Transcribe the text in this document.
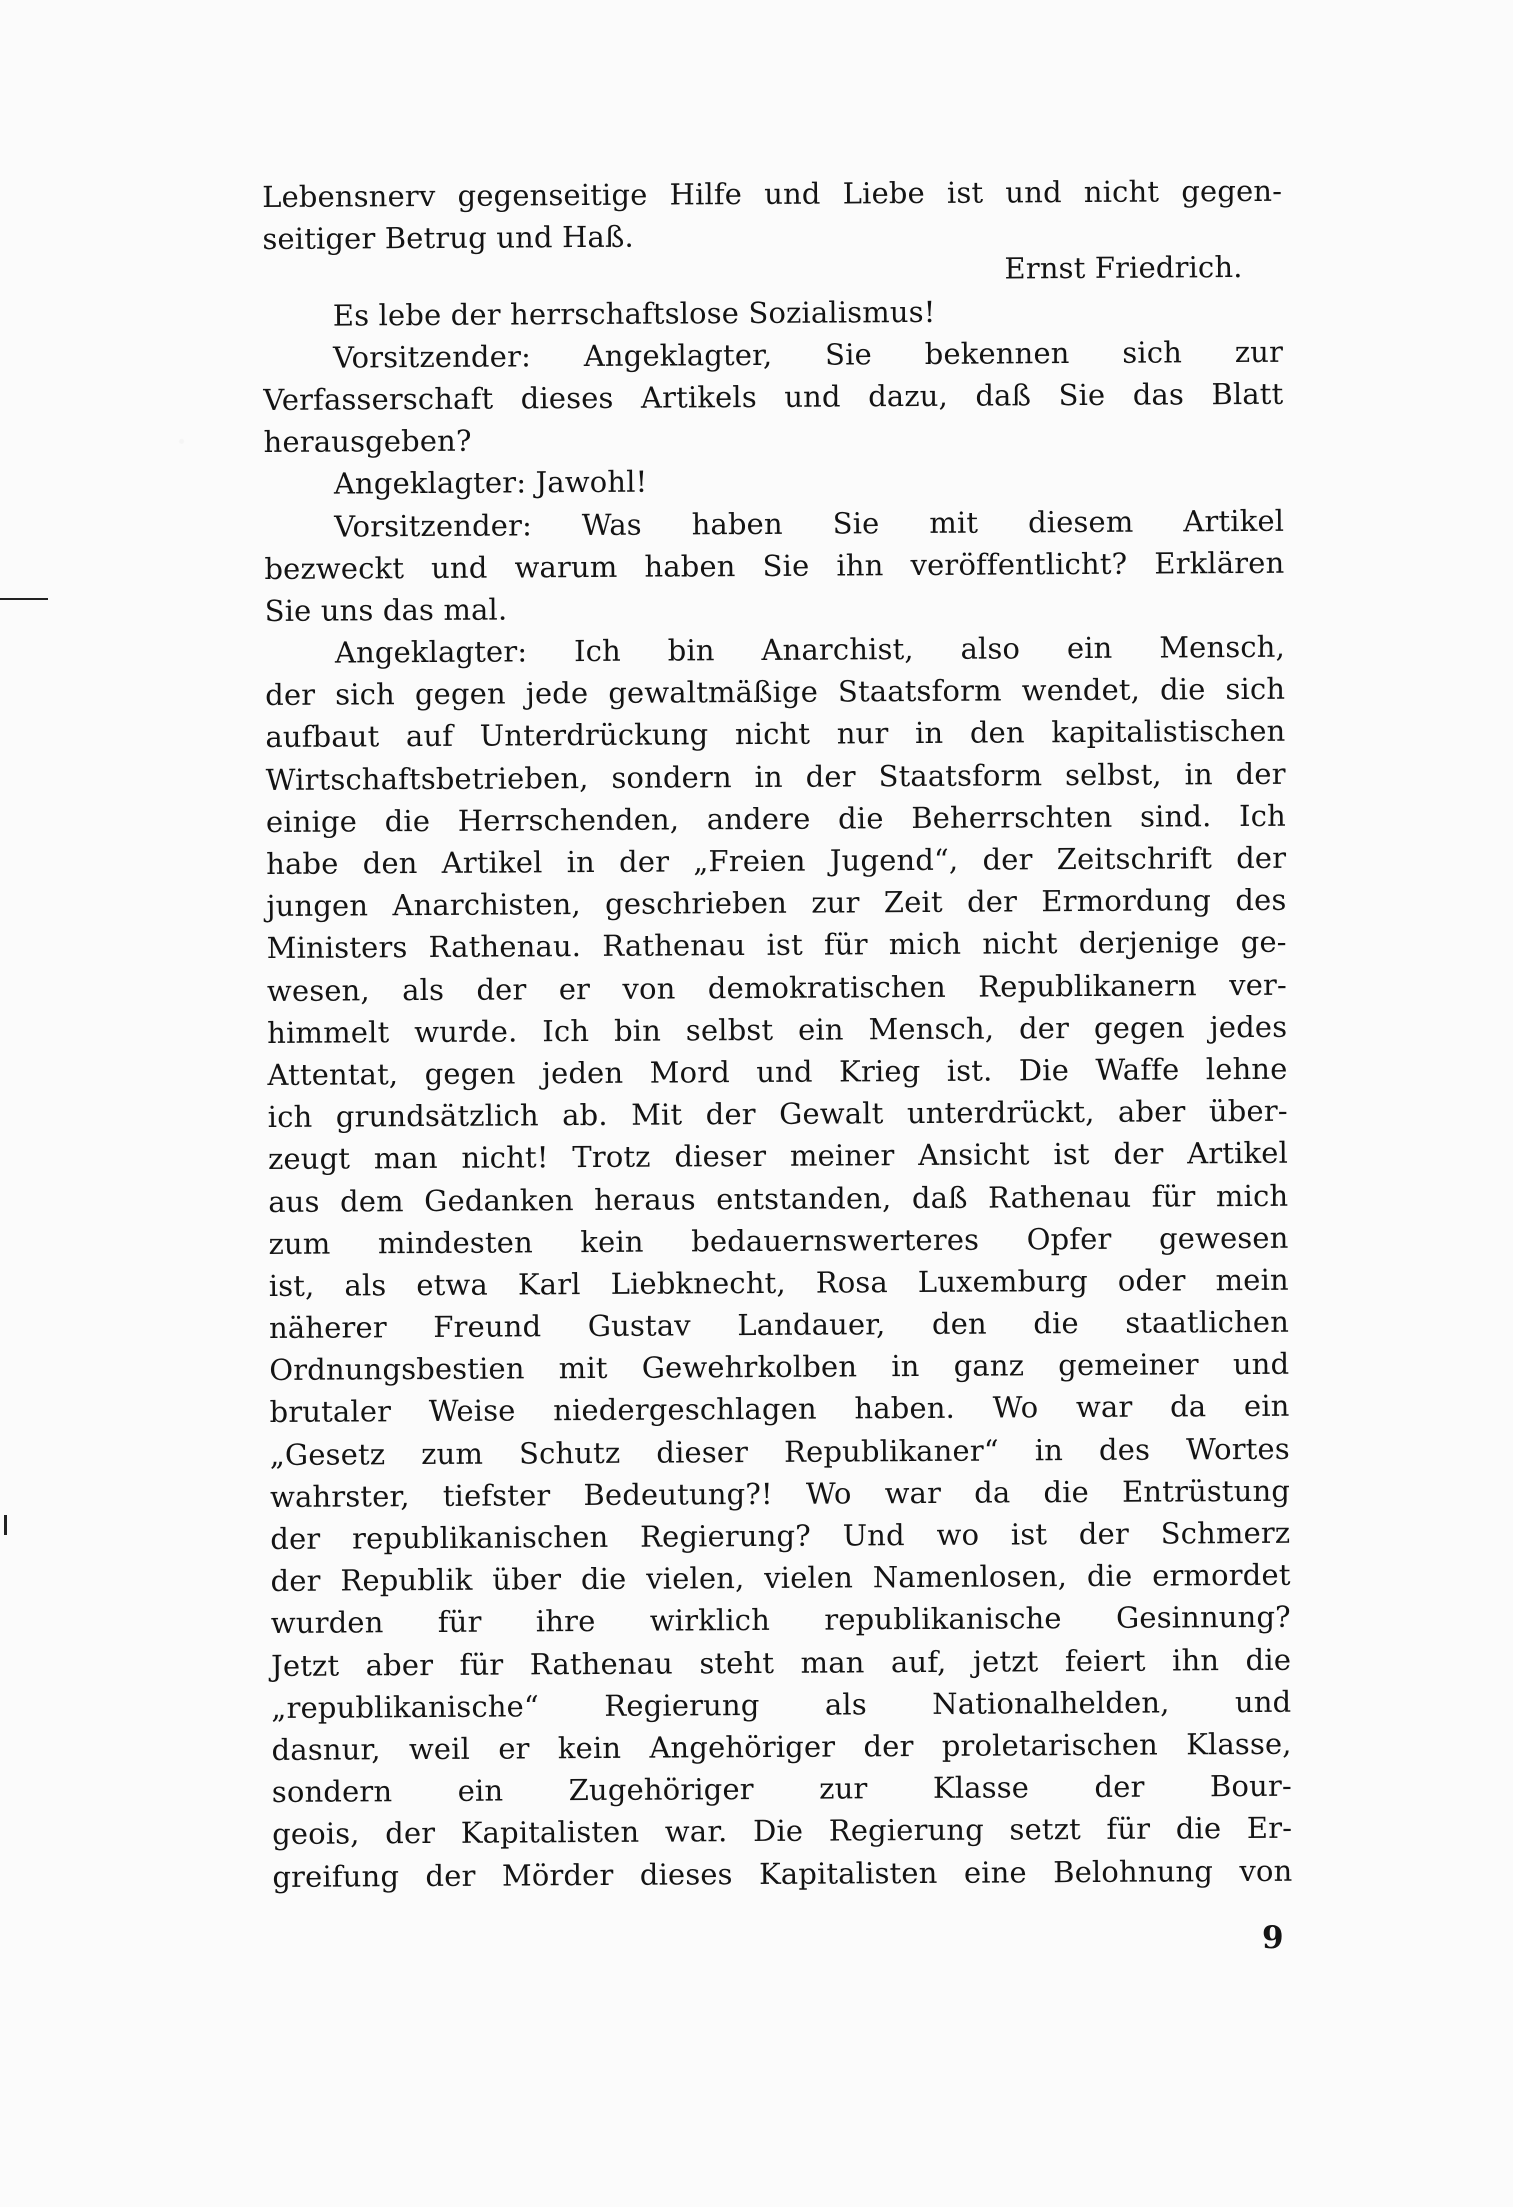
Lebensnerv gegenseitige Hilfe und Liebe ist und nicht gegen-
seitiger Betrug und Haß.
Ernst Friedrich.
Es lebe der herrschaftslose Sozialismus!
Vorsitzender: Angeklagter, Sie bekennen sich zur
Verfasserschaft dieses Artikels und dazu, daß Sie das Blatt
herausgeben?
Angeklagter: Jawohl!
Vorsitzender: Was haben Sie mit diesem Artikel
bezweckt und warum haben Sie ihn veröffentlicht? Erklären
Sie uns das mal.
Angeklagter: Ich bin Anarchist, also ein Mensch,
der sich gegen jede gewaltmäßige Staatsform wendet, die sich
aufbaut auf Unterdrückung nicht nur in den kapitalistischen
Wirtschaftsbetrieben, sondern in der Staatsform selbst, in der
einige die Herrschenden, andere die Beherrschten sind. Ich
habe den Artikel in der „Freien Jugend“, der Zeitschrift der
jungen Anarchisten, geschrieben zur Zeit der Ermordung des
Ministers Rathenau. Rathenau ist für mich nicht derjenige ge-
wesen, als der er von demokratischen Republikanern ver-
himmelt wurde. Ich bin selbst ein Mensch, der gegen jedes
Attentat, gegen jeden Mord und Krieg ist. Die Waffe lehne
ich grundsätzlich ab. Mit der Gewalt unterdrückt, aber über-
zeugt man nicht! Trotz dieser meiner Ansicht ist der Artikel
aus dem Gedanken heraus entstanden, daß Rathenau für mich
zum mindesten kein bedauernswerteres Opfer gewesen
ist, als etwa Karl Liebknecht, Rosa Luxemburg oder mein
näherer Freund Gustav Landauer, den die staatlichen
Ordnungsbestien mit Gewehrkolben in ganz gemeiner und
brutaler Weise niedergeschlagen haben. Wo war da ein
„Gesetz zum Schutz dieser Republikaner“ in des Wortes
wahrster, tiefster Bedeutung?! Wo war da die Entrüstung
der republikanischen Regierung? Und wo ist der Schmerz
der Republik über die vielen, vielen Namenlosen, die ermordet
wurden für ihre wirklich republikanische Gesinnung?
Jetzt aber für Rathenau steht man auf, jetzt feiert ihn die
„republikanische“ Regierung als Nationalhelden, und
dasnur, weil er kein Angehöriger der proletarischen Klasse,
sondern ein Zugehöriger zur Klasse der Bour-
geois, der Kapitalisten war. Die Regierung setzt für die Er-
greifung der Mörder dieses Kapitalisten eine Belohnung von
9
